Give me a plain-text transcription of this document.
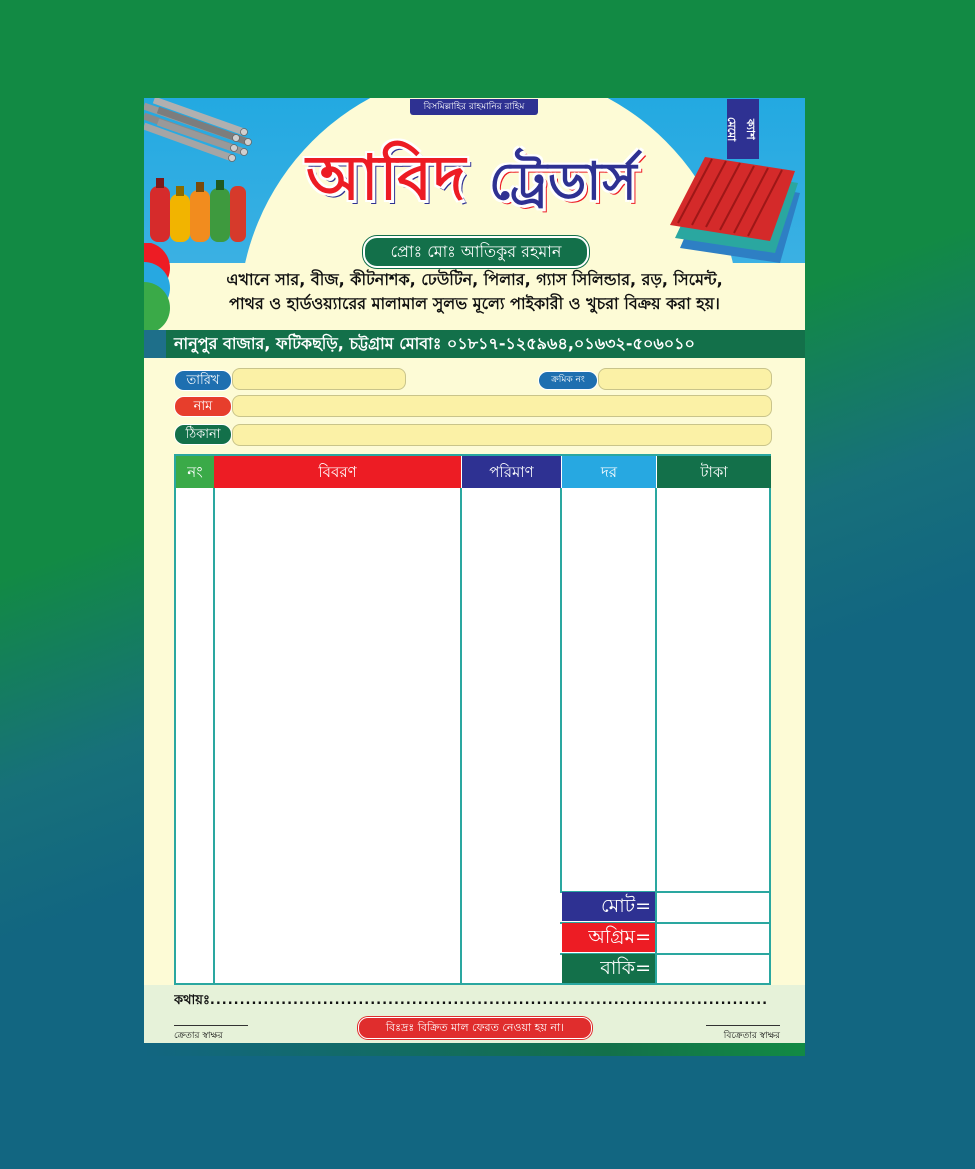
বিসমিল্লাহির রাহমানির রাহিম
ক্যাশ
মেমো
আবিদ ট্রেডার্স
প্রোঃ মোঃ আতিকুর রহমান
এখানে সার, বীজ, কীটনাশক, ঢেউটিন, পিলার, গ্যাস সিলিন্ডার, রড়, সিমেন্ট,
পাথর ও হার্ডওয়্যারের মালামাল সুলভ মূল্যে পাইকারী ও খুচরা বিক্রয় করা হয়।
নানুপুর বাজার, ফটিকছড়ি, চট্টগ্রাম মোবাঃ ০১৮১৭-১২৫৯৬৪,০১৬৩২-৫০৬০১০
তারিখ	ক্রমিক নং
নাম
ঠিকানা
নং	বিবরণ	পরিমাণ	দর	টাকা
মোট=
অগ্রিম=
বাকি=
কথায়ঃ..............................................................................................
ক্রেতার স্বাক্ষর
বিঃদ্রঃ বিক্রিত মাল ফেরত নেওয়া হয় না।
বিক্রেতার স্বাক্ষর
